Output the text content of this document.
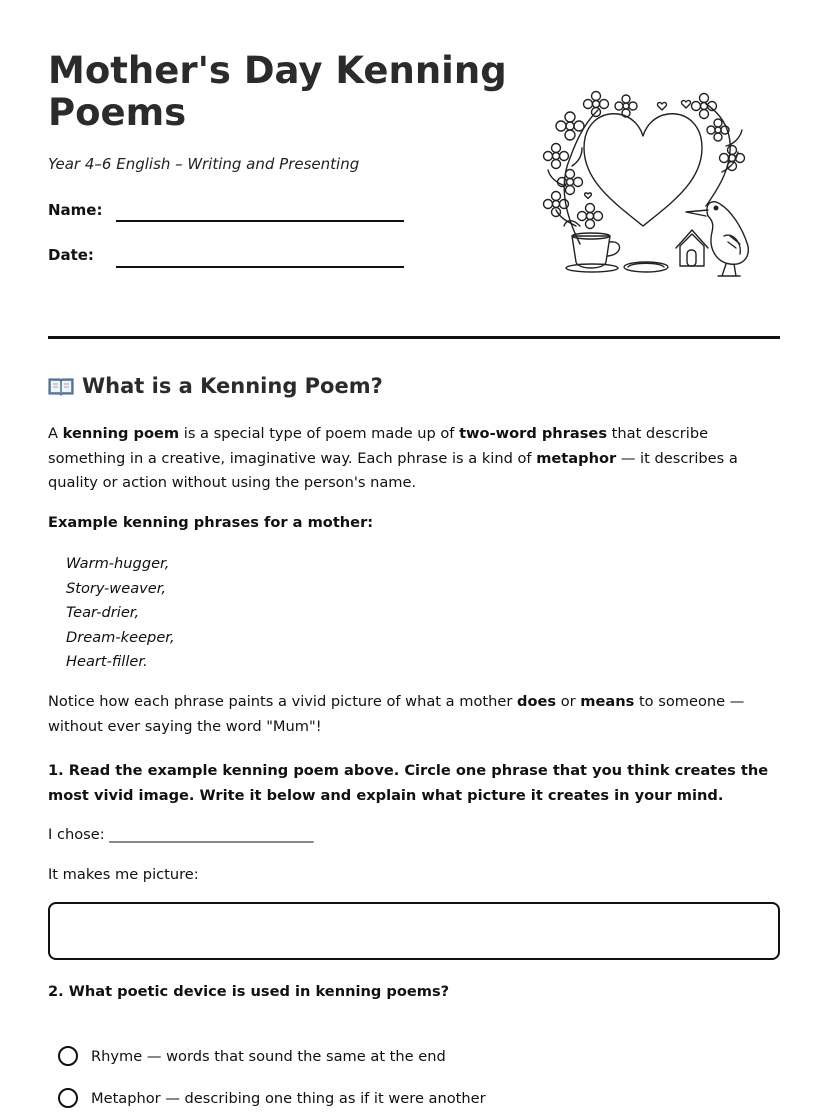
Mother's Day Kenning Poems
Year 4–6 English – Writing and Presenting
Name:
Date:
What is a Kenning Poem?

A kenning poem is a special type of poem made up of two-word phrases that describe something in a creative, imaginative way. Each phrase is a kind of metaphor — it describes a quality or action without using the person's name.

Example kenning phrases for a mother:

Warm-hugger,
Story-weaver,
Tear-drier,
Dream-keeper,
Heart-filler.

Notice how each phrase paints a vivid picture of what a mother does or means to someone — without ever saying the word "Mum"!

1. Read the example kenning poem above. Circle one phrase that you think creates the most vivid image. Write it below and explain what picture it creates in your mind.

I chose: ____________________________

It makes me picture:

2. What poetic device is used in kenning poems?

Rhyme — words that sound the same at the end
Metaphor — describing one thing as if it were another
